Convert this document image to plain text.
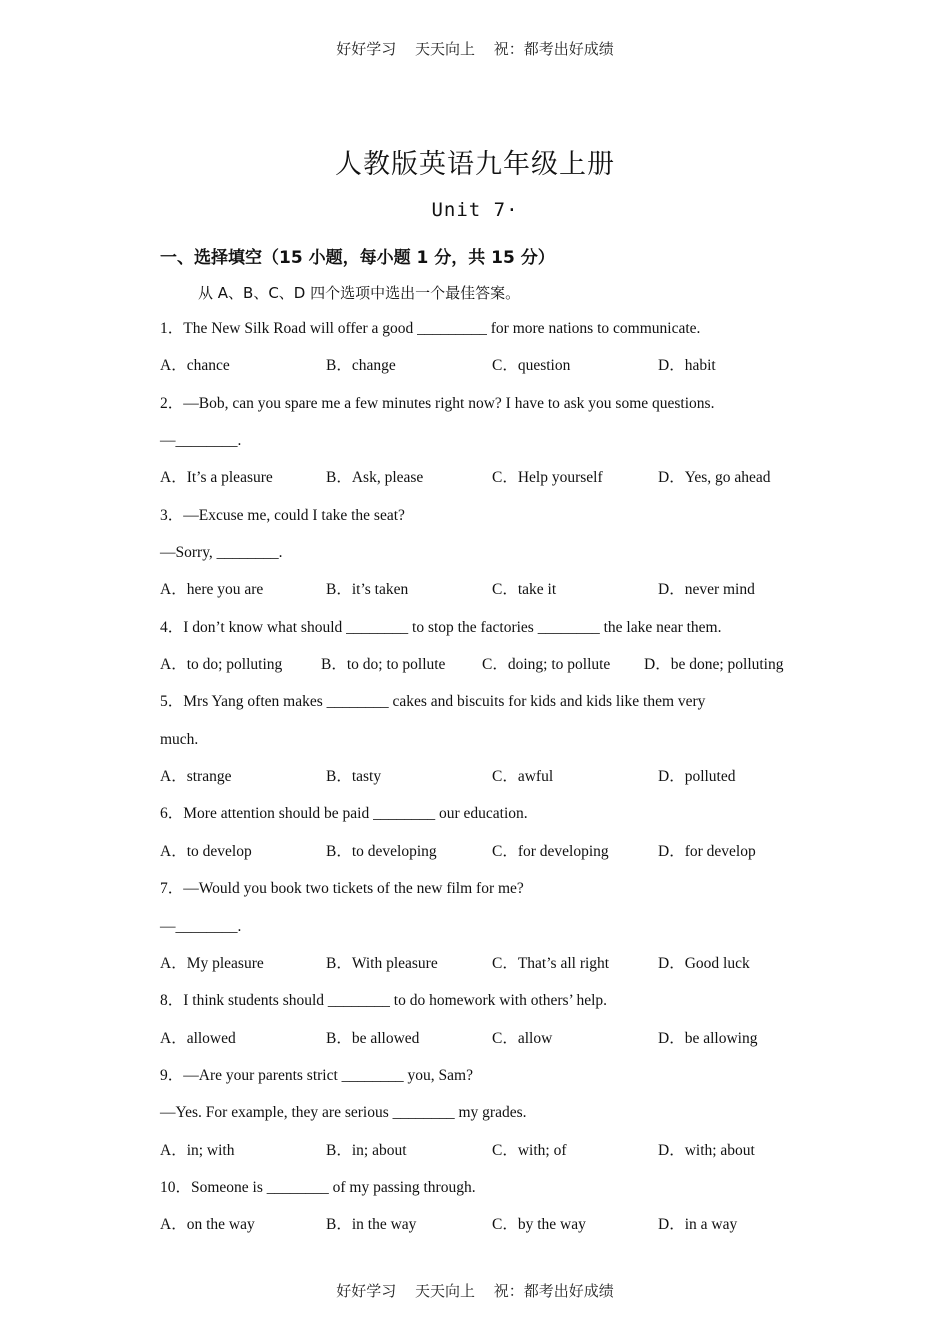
好好学习 天天向上 祝：都考出好成绩
人教版英语九年级上册
Unit 7·
一、选择填空（15 小题，每小题 1 分，共 15 分）
从 A、B、C、D 四个选项中选出一个最佳答案。
1．The New Silk Road will offer a good _________ for more nations to communicate.
A．chance	B．change	C．question	D．habit
2．—Bob, can you spare me a few minutes right now? I have to ask you some questions.
—________.
A．It’s a pleasure	B．Ask, please	C．Help yourself	D．Yes, go ahead
3．—Excuse me, could I take the seat?
—Sorry, ________.
A．here you are	B．it’s taken	C．take it	D．never mind
4．I don’t know what should ________ to stop the factories ________ the lake near them.
A．to do; polluting B．to do; to pollute C．doing; to pollute D．be done; polluting
5．Mrs Yang often makes ________ cakes and biscuits for kids and kids like them very
much.
A．strange	B．tasty	C．awful	D．polluted
6．More attention should be paid ________ our education.
A．to develop	B．to developing	C．for developing	D．for develop
7．—Would you book two tickets of the new film for me?
—________.
A．My pleasure	B．With pleasure	C．That’s all right	D．Good luck
8．I think students should ________ to do homework with others’ help.
A．allowed	B．be allowed	C．allow	D．be allowing
9．—Are your parents strict ________ you, Sam?
—Yes. For example, they are serious ________ my grades.
A．in; with	B．in; about	C．with; of	D．with; about
10．Someone is ________ of my passing through.
A．on the way	B．in the way	C．by the way	D．in a way
好好学习 天天向上 祝：都考出好成绩
